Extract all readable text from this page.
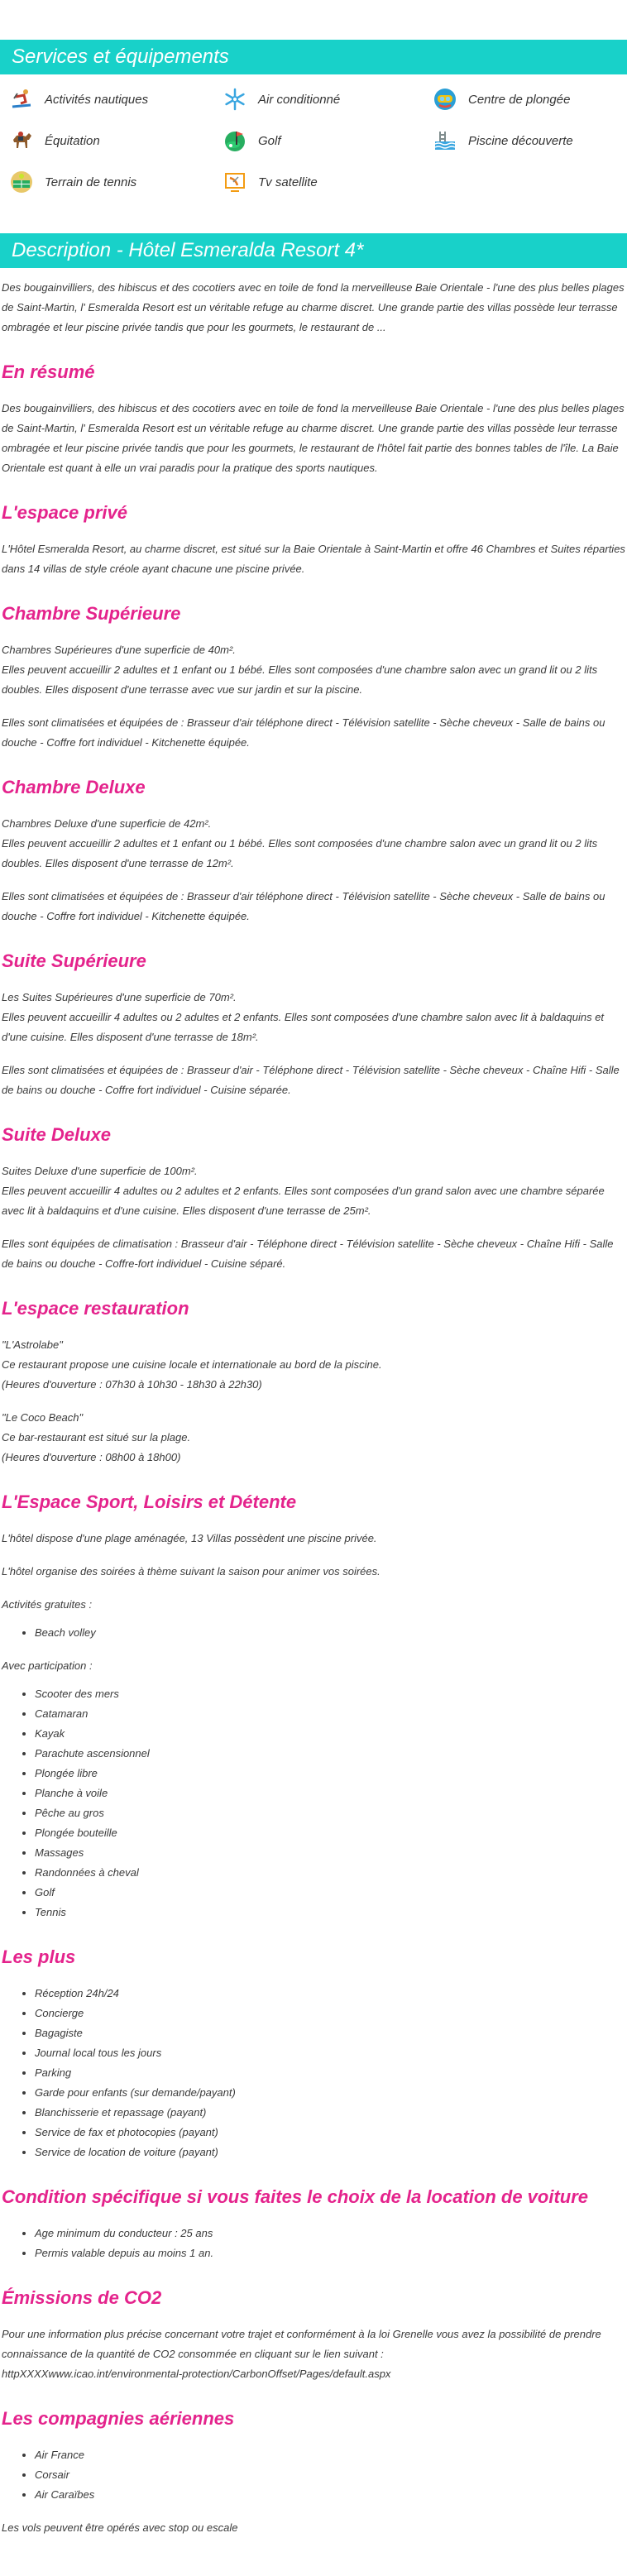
Services et équipements
Activités nautiques	Air conditionné	Centre de plongée
Équitation	Golf	Piscine découverte
Terrain de tennis	Tv satellite
Description - Hôtel Esmeralda Resort 4*

Des bougainvilliers, des hibiscus et des cocotiers avec en toile de fond la merveilleuse Baie Orientale - l'une des plus belles plages de Saint-Martin, l' Esmeralda Resort est un véritable refuge au charme discret. Une grande partie des villas possède leur terrasse ombragée et leur piscine privée tandis que pour les gourmets, le restaurant de ...

En résumé

Des bougainvilliers, des hibiscus et des cocotiers avec en toile de fond la merveilleuse Baie Orientale - l'une des plus belles plages de Saint-Martin, l' Esmeralda Resort est un véritable refuge au charme discret. Une grande partie des villas possède leur terrasse ombragée et leur piscine privée tandis que pour les gourmets, le restaurant de l'hôtel fait partie des bonnes tables de l'île. La Baie Orientale est quant à elle un vrai paradis pour la pratique des sports nautiques.

L'espace privé

L'Hôtel Esmeralda Resort, au charme discret, est situé sur la Baie Orientale à Saint-Martin et offre 46 Chambres et Suites réparties dans 14 villas de style créole ayant chacune une piscine privée.

Chambre Supérieure

Chambres Supérieures d'une superficie de 40m².

Elles peuvent accueillir 2 adultes et 1 enfant ou 1 bébé. Elles sont composées d'une chambre salon avec un grand lit ou 2 lits doubles. Elles disposent d'une terrasse avec vue sur jardin et sur la piscine.

Elles sont climatisées et équipées de : Brasseur d'air téléphone direct - Télévision satellite - Sèche cheveux - Salle de bains ou douche - Coffre fort individuel - Kitchenette équipée.

Chambre Deluxe

Chambres Deluxe d'une superficie de 42m².

Elles peuvent accueillir 2 adultes et 1 enfant ou 1 bébé. Elles sont composées d'une chambre salon avec un grand lit ou 2 lits doubles. Elles disposent d'une terrasse de 12m².

Elles sont climatisées et équipées de : Brasseur d'air téléphone direct - Télévision satellite - Sèche cheveux - Salle de bains ou douche - Coffre fort individuel - Kitchenette équipée.

Suite Supérieure

Les Suites Supérieures d'une superficie de 70m².

Elles peuvent accueillir 4 adultes ou 2 adultes et 2 enfants. Elles sont composées d'une chambre salon avec lit à baldaquins et d'une cuisine. Elles disposent d'une terrasse de 18m².

Elles sont climatisées et équipées de : Brasseur d'air - Téléphone direct - Télévision satellite - Sèche cheveux - Chaîne Hifi - Salle de bains ou douche - Coffre fort individuel - Cuisine séparée.

Suite Deluxe

Suites Deluxe d'une superficie de 100m².

Elles peuvent accueillir 4 adultes ou 2 adultes et 2 enfants. Elles sont composées d'un grand salon avec une chambre séparée avec lit à baldaquins et d'une cuisine. Elles disposent d'une terrasse de 25m².

Elles sont équipées de climatisation : Brasseur d'air - Téléphone direct - Télévision satellite - Sèche cheveux - Chaîne Hifi - Salle de bains ou douche - Coffre-fort individuel - Cuisine séparé.

L'espace restauration

"L'Astrolabe"

Ce restaurant propose une cuisine locale et internationale au bord de la piscine.

(Heures d'ouverture : 07h30 à 10h30 - 18h30 à 22h30)

"Le Coco Beach"

Ce bar-restaurant est situé sur la plage.

(Heures d'ouverture : 08h00 à 18h00)

L'Espace Sport, Loisirs et Détente

L'hôtel dispose d'une plage aménagée, 13 Villas possèdent une piscine privée.

L'hôtel organise des soirées à thème suivant la saison pour animer vos soirées.

Activités gratuites :

• Beach volley

Avec participation :

• Scooter des mers
• Catamaran
• Kayak
• Parachute ascensionnel
• Plongée libre
• Planche à voile
• Pêche au gros
• Plongée bouteille
• Massages
• Randonnées à cheval
• Golf
• Tennis
Les plus
• Réception 24h/24
• Concierge
• Bagagiste
• Journal local tous les jours
• Parking
• Garde pour enfants (sur demande/payant)
• Blanchisserie et repassage (payant)
• Service de fax et photocopies (payant)
• Service de location de voiture (payant)
Condition spécifique si vous faites le choix de la location de voiture
• Age minimum du conducteur : 25 ans
• Permis valable depuis au moins 1 an.
Émissions de CO2

Pour une information plus précise concernant votre trajet et conformément à la loi Grenelle vous avez la possibilité de prendre connaissance de la quantité de CO2 consommée en cliquant sur le lien suivant :

httpXXXXwww.icao.int/environmental-protection/CarbonOffset/Pages/default.aspx

Les compagnies aériennes
• Air France
• Corsair
• Air Caraïbes

Les vols peuvent être opérés avec stop ou escale
